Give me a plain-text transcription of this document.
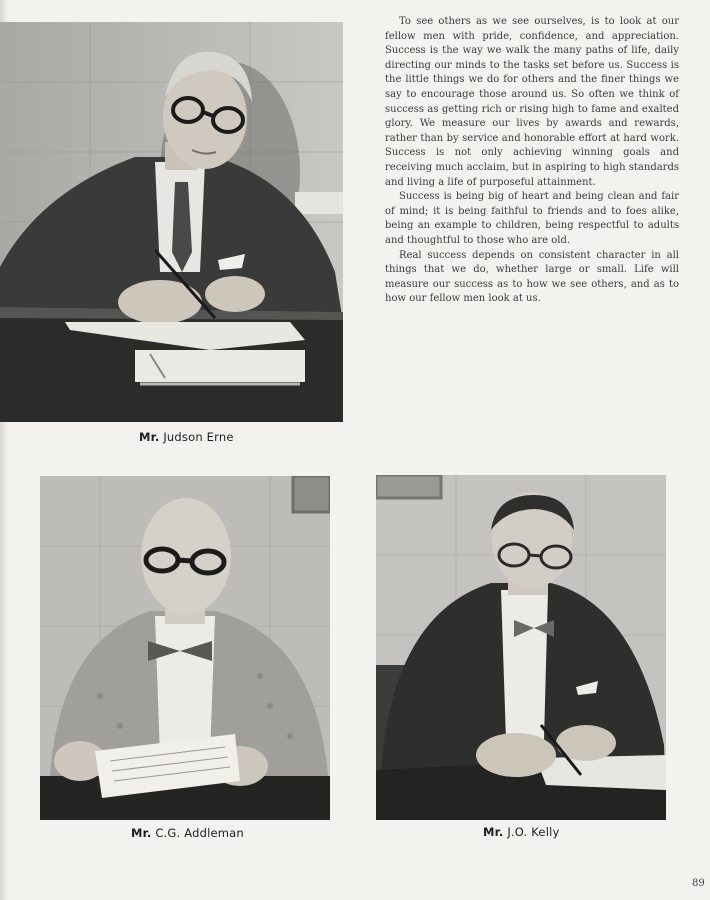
Mr. Judson Erne

To see others as we see ourselves, is to look at our fellow men with pride, confidence, and appreciation. Success is the way we walk the many paths of life, daily directing our minds to the tasks set before us. Success is the little things we do for others and the finer things we say to encourage those around us. So often we think of success as getting rich or rising high to fame and exalted glory. We measure our lives by awards and rewards, rather than by service and honorable effort at hard work. Success is not only achieving winning goals and receiving much acclaim, but in aspiring to high standards and living a life of purposeful attainment.

Success is being big of heart and being clean and fair of mind; it is being faithful to friends and to foes alike, being an example to children, being respectful to adults and thoughtful to those who are old.

Real success depends on consistent character in all things that we do, whether large or small. Life will measure our success as to how we see others, and as to how our fellow men look at us.

Mr. C.G. Addleman	Mr. J.O. Kelly
89
